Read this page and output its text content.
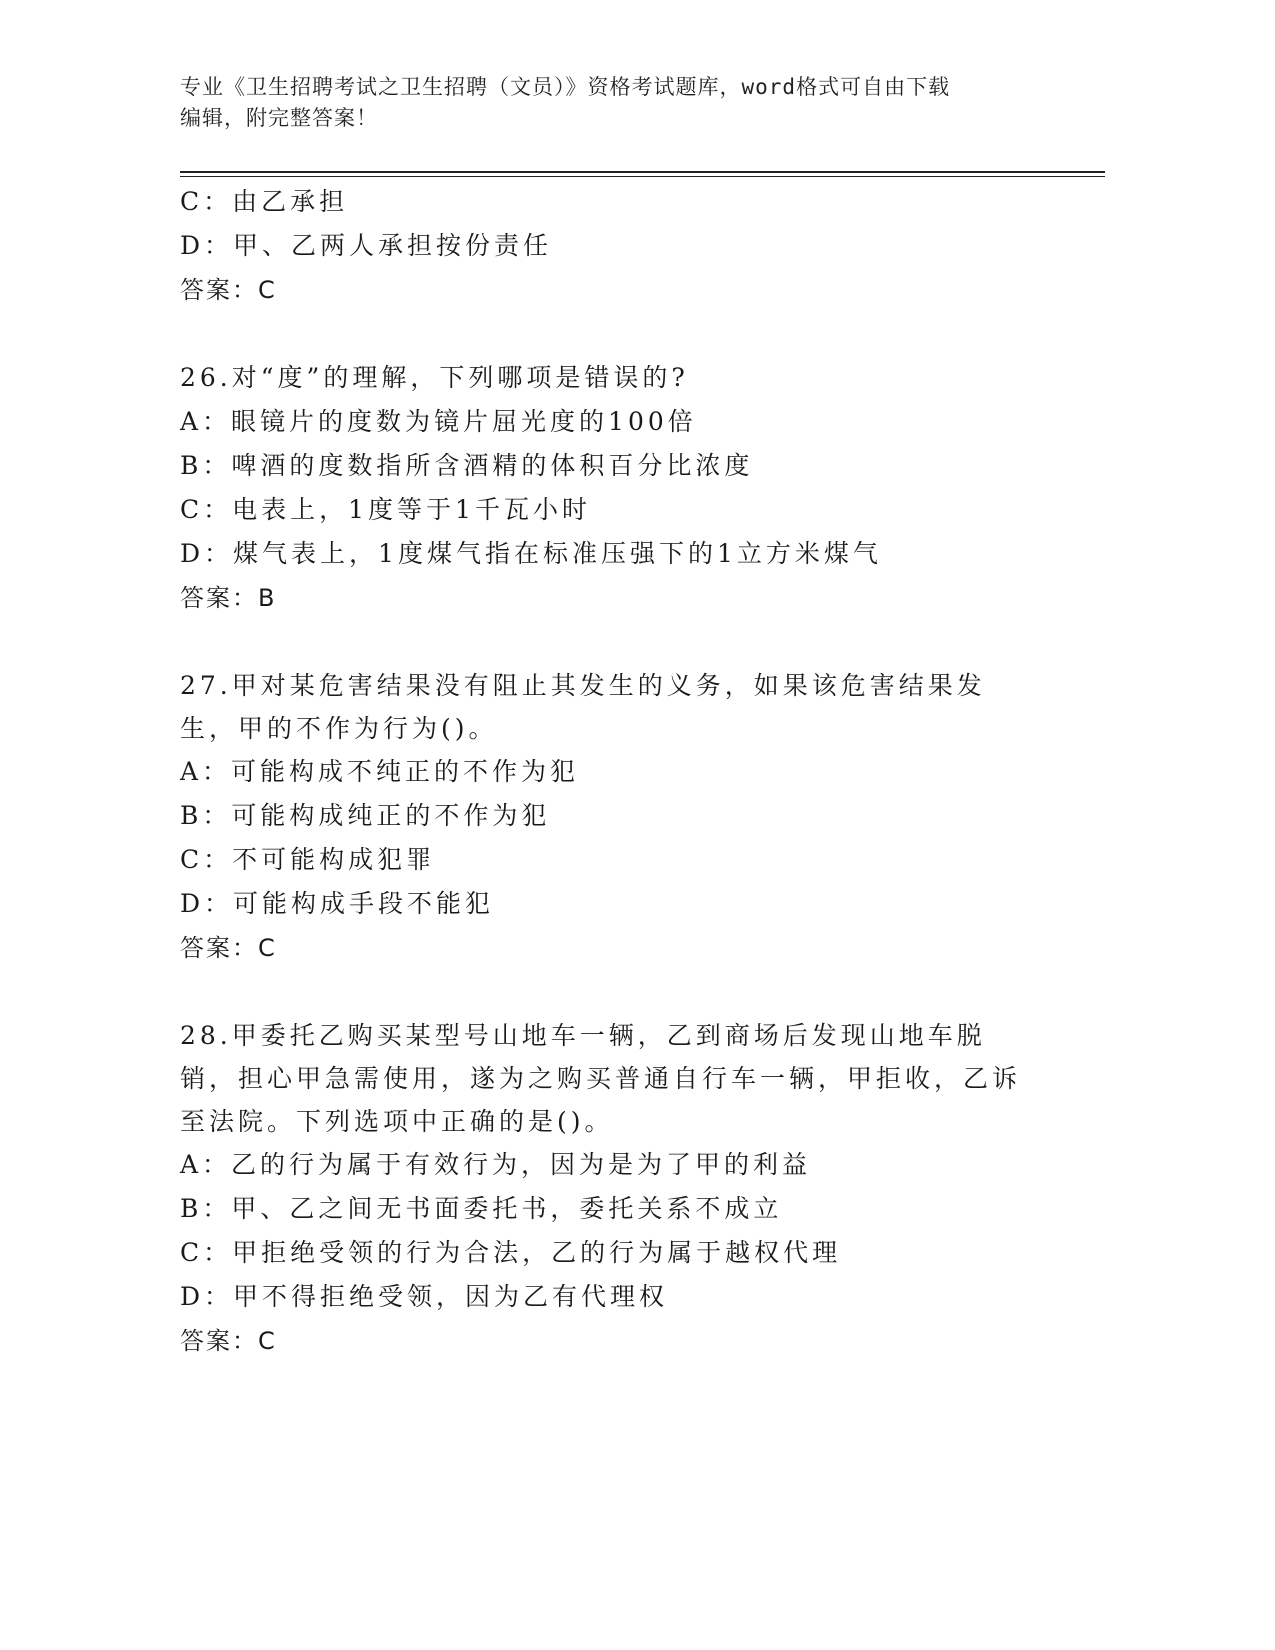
专业《卫生招聘考试之卫生招聘（文员）》资格考试题库，word格式可自由下载
编辑，附完整答案！
C：由乙承担
D：甲、乙两人承担按份责任
答案：C
26.对“度”的理解，下列哪项是错误的?
A：眼镜片的度数为镜片屈光度的100倍
B：啤酒的度数指所含酒精的体积百分比浓度
C：电表上，1度等于1千瓦小时
D：煤气表上，1度煤气指在标准压强下的1立方米煤气
答案：B
27.甲对某危害结果没有阻止其发生的义务，如果该危害结果发生，甲的不作为行为()。
A：可能构成不纯正的不作为犯
B：可能构成纯正的不作为犯
C：不可能构成犯罪
D：可能构成手段不能犯
答案：C
28.甲委托乙购买某型号山地车一辆，乙到商场后发现山地车脱销，担心甲急需使用，遂为之购买普通自行车一辆，甲拒收，乙诉至法院。下列选项中正确的是()。
A：乙的行为属于有效行为，因为是为了甲的利益
B：甲、乙之间无书面委托书，委托关系不成立
C：甲拒绝受领的行为合法，乙的行为属于越权代理
D：甲不得拒绝受领，因为乙有代理权
答案：C
